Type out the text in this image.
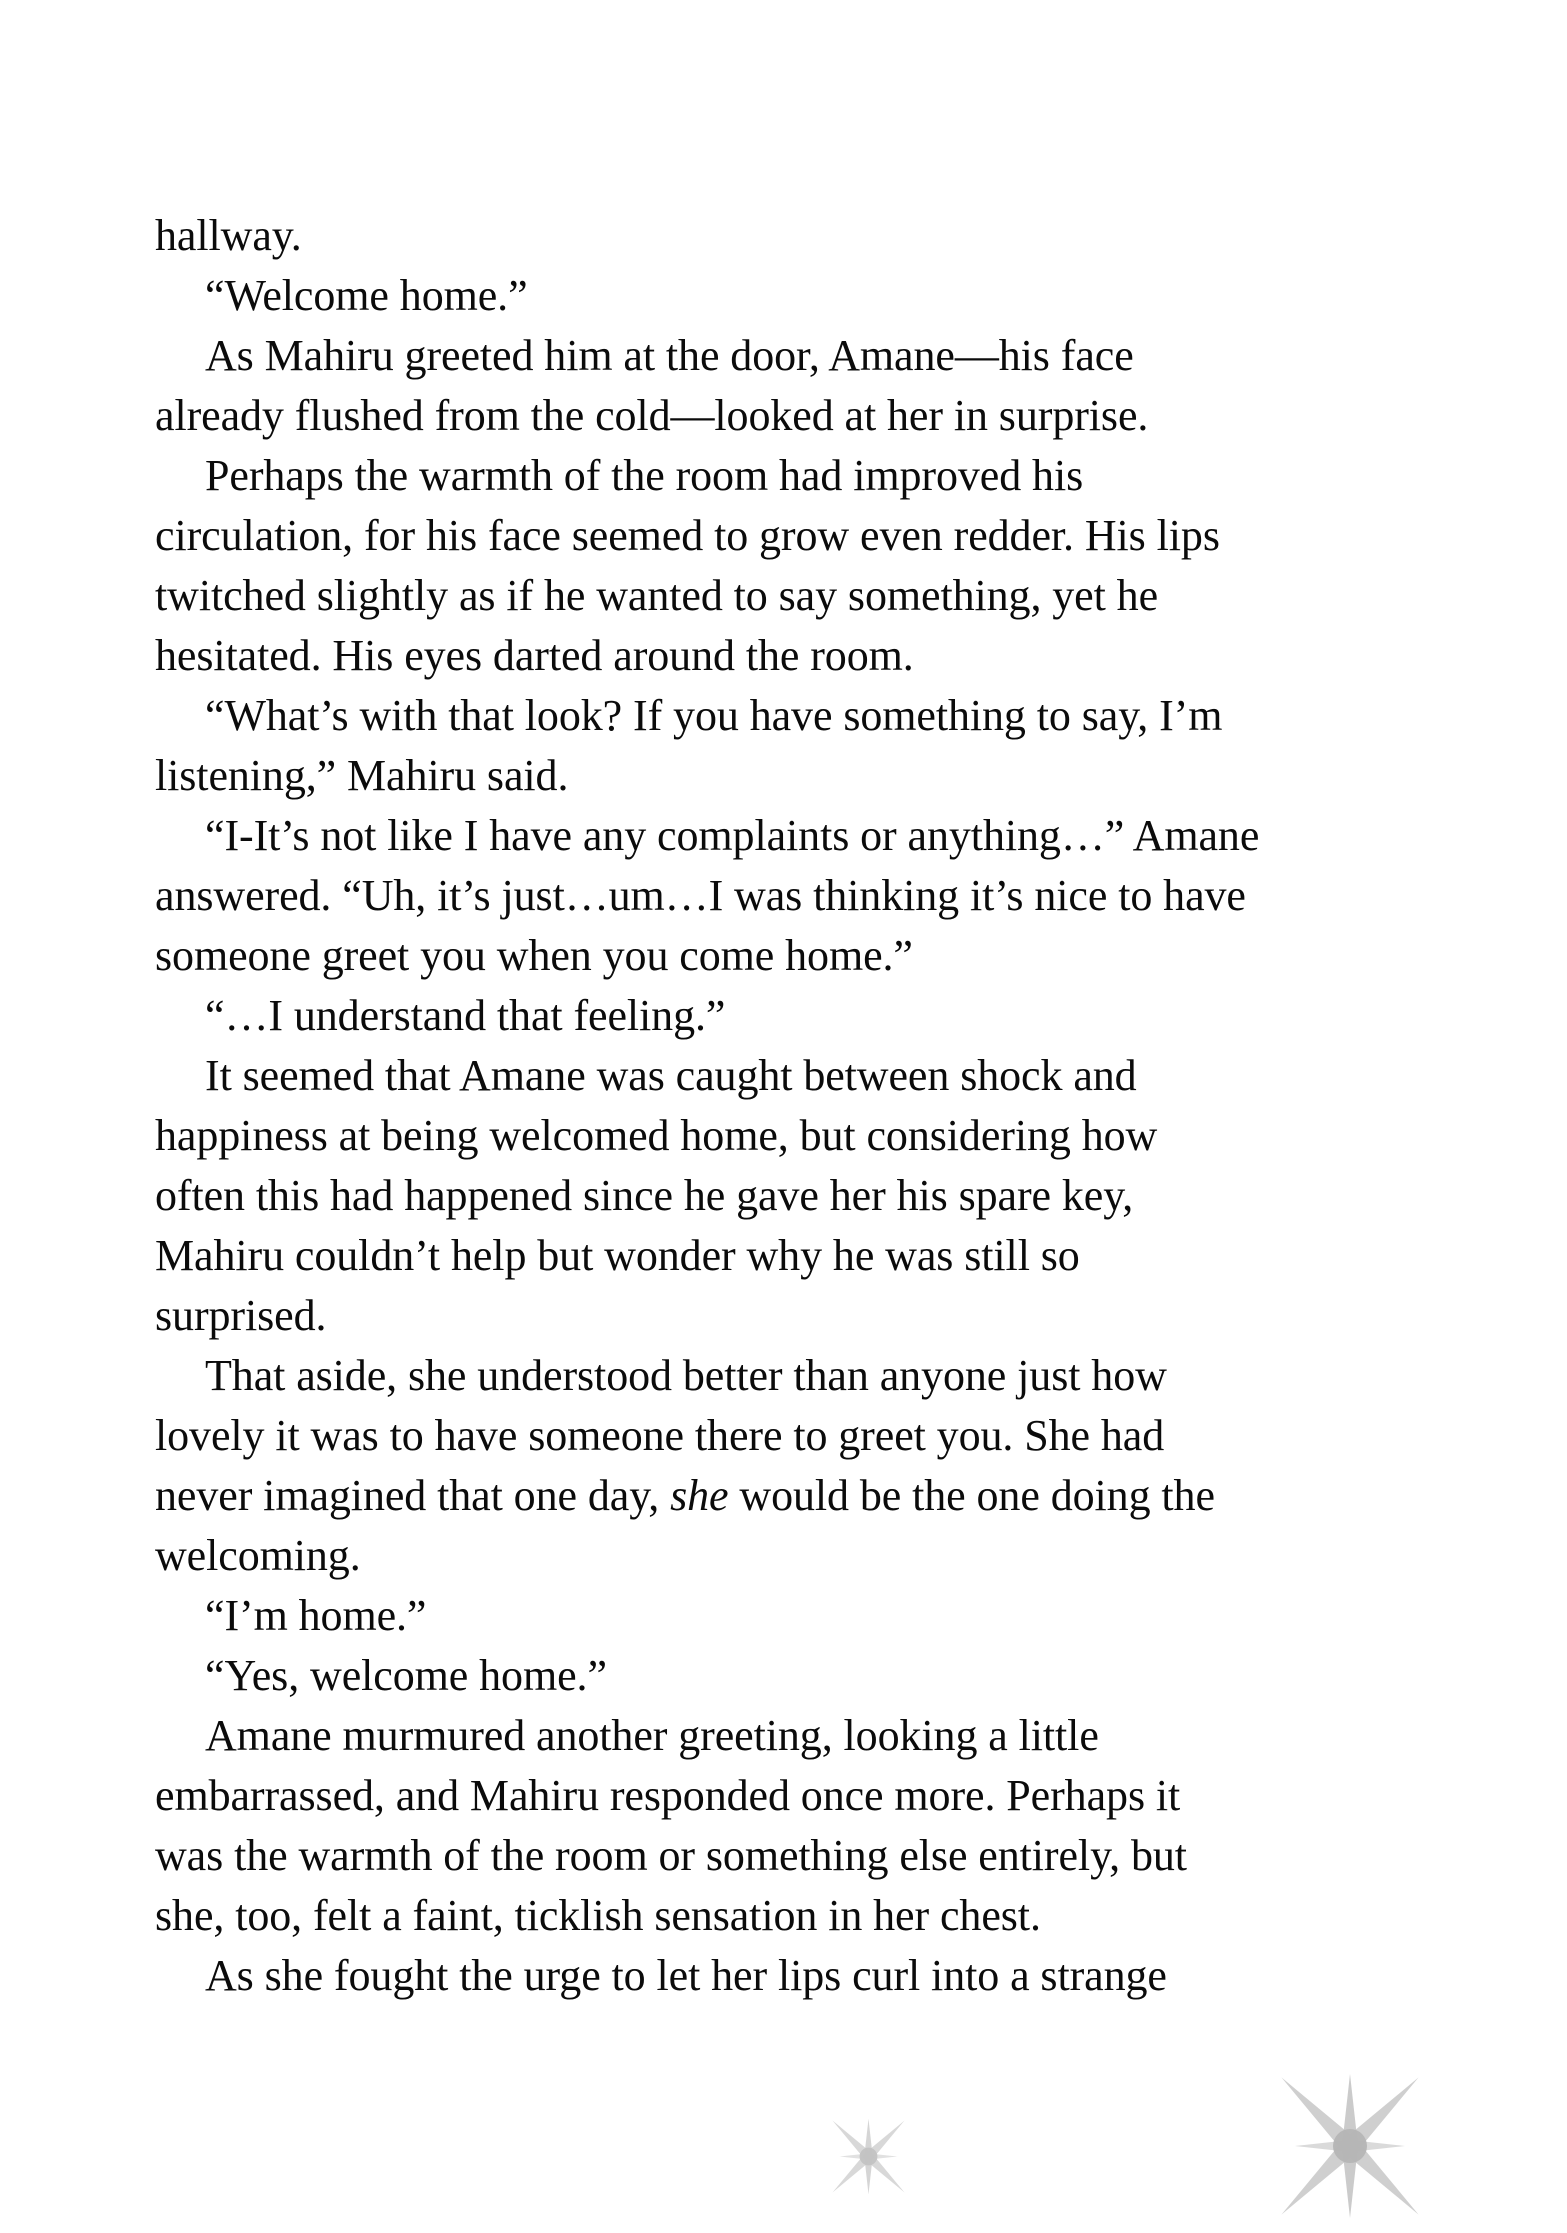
hallway.
“Welcome home.”
As Mahiru greeted him at the door, Amane—his face
already flushed from the cold—looked at her in surprise.
Perhaps the warmth of the room had improved his
circulation, for his face seemed to grow even redder. His lips
twitched slightly as if he wanted to say something, yet he
hesitated. His eyes darted around the room.
“What’s with that look? If you have something to say, I’m
listening,” Mahiru said.
“I-It’s not like I have any complaints or anything…” Amane
answered. “Uh, it’s just…um…I was thinking it’s nice to have
someone greet you when you come home.”
“…I understand that feeling.”
It seemed that Amane was caught between shock and
happiness at being welcomed home, but considering how
often this had happened since he gave her his spare key,
Mahiru couldn’t help but wonder why he was still so
surprised.
That aside, she understood better than anyone just how
lovely it was to have someone there to greet you. She had
never imagined that one day, she would be the one doing the
welcoming.
“I’m home.”
“Yes, welcome home.”
Amane murmured another greeting, looking a little
embarrassed, and Mahiru responded once more. Perhaps it
was the warmth of the room or something else entirely, but
she, too, felt a faint, ticklish sensation in her chest.
As she fought the urge to let her lips curl into a strange
